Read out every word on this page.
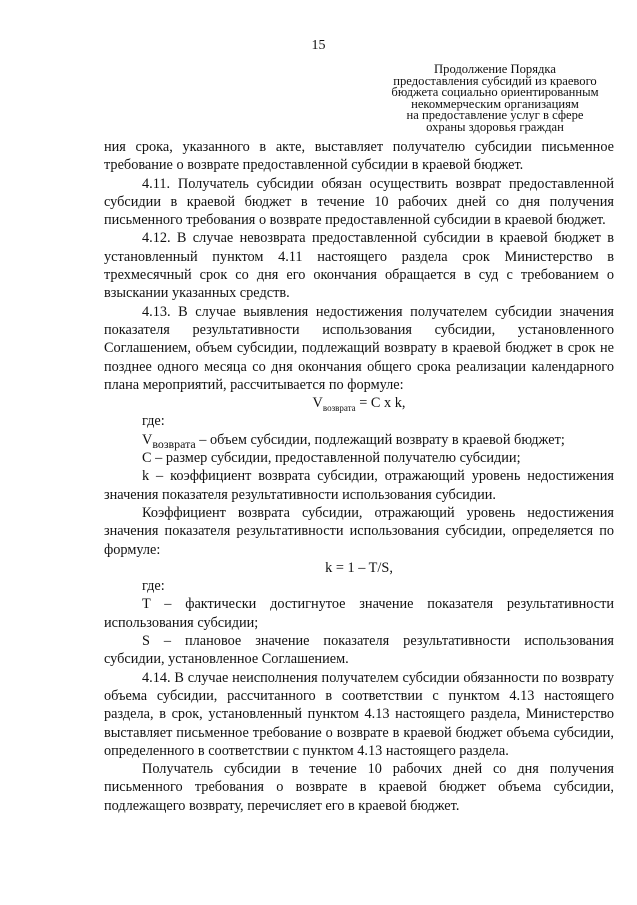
15
Продолжение Порядка
предоставления субсидий из краевого
бюджета социально ориентированным
некоммерческим организациям
на предоставление услуг в сфере
охраны здоровья граждан

ния срока, указанного в акте, выставляет получателю субсидии письменное требование о возврате предоставленной субсидии в краевой бюджет.

4.11. Получатель субсидии обязан осуществить возврат предоставленной субсидии в краевой бюджет в течение 10 рабочих дней со дня получения письменного требования о возврате предоставленной субсидии в краевой бюджет.

4.12. В случае невозврата предоставленной субсидии в краевой бюджет в установленный пунктом 4.11 настоящего раздела срок Министерство в трехмесячный срок со дня его окончания обращается в суд с требованием о взыскании указанных средств.

4.13. В случае выявления недостижения получателем субсидии значения показателя результативности использования субсидии, установленного Соглашением, объем субсидии, подлежащий возврату в краевой бюджет в срок не позднее одного месяца со дня окончания общего срока реализации календарного плана мероприятий, рассчитывается по формуле:

$V_{возврата} = C$ x k,

где:

$V_{возврата}$ – объем субсидии, подлежащий возврату в краевой бюджет;

C – размер субсидии, предоставленной получателю субсидии;

k – коэффициент возврата субсидии, отражающий уровень недостижения значения показателя результативности использования субсидии.

Коэффициент возврата субсидии, отражающий уровень недостижения значения показателя результативности использования субсидии, определяется по формуле:

k = 1 – T/S,

где:

T – фактически достигнутое значение показателя результативности использования субсидии;

S – плановое значение показателя результативности использования субсидии, установленное Соглашением.

4.14. В случае неисполнения получателем субсидии обязанности по возврату объема субсидии, рассчитанного в соответствии с пунктом 4.13 настоящего раздела, в срок, установленный пунктом 4.13 настоящего раздела, Министерство выставляет письменное требование о возврате в краевой бюджет объема субсидии, определенного в соответствии с пунктом 4.13 настоящего раздела.

Получатель субсидии в течение 10 рабочих дней со дня получения письменного требования о возврате в краевой бюджет объема субсидии, подлежащего возврату, перечисляет его в краевой бюджет.
